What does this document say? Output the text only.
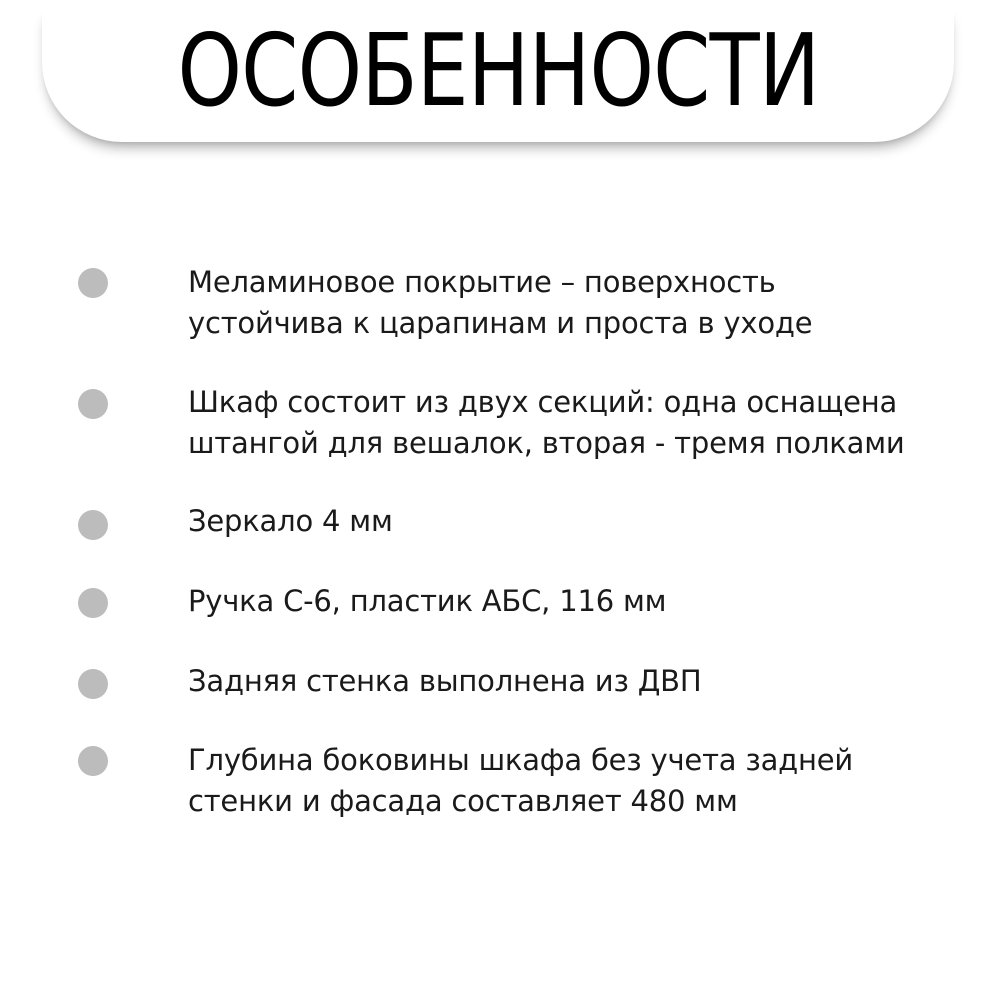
ОСОБЕННОСТИ
Меламиновое покрытие – поверхность
устойчива к царапинам и проста в уходе
Шкаф состоит из двух секций: одна оснащена
штангой для вешалок, вторая - тремя полками
Зеркало 4 мм
Ручка С-6, пластик АБС, 116 мм
Задняя стенка выполнена из ДВП
Глубина боковины шкафа без учета задней
стенки и фасада составляет 480 мм
